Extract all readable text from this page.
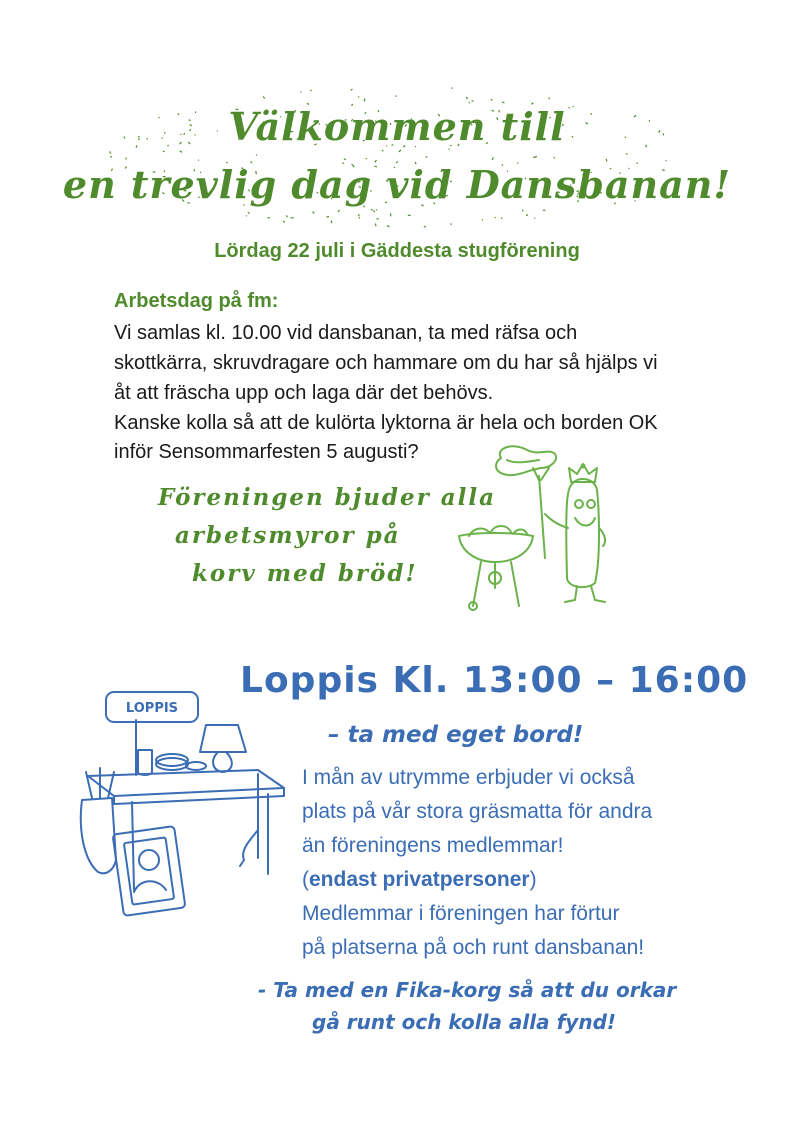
Välkommen till
en trevlig dag vid Dansbanan!
Lördag 22 juli i Gäddesta stugförening
Arbetsdag på fm:
Vi samlas kl. 10.00 vid dansbanan, ta med räfsa och
skottkärra, skruvdragare och hammare om du har så hjälps vi
åt att fräscha upp och laga där det behövs.
Kanske kolla så att de kulörta lyktorna är hela och borden OK
inför Sensommarfesten 5 augusti?
Föreningen bjuder alla
arbetsmyror på
korv med bröd!
Loppis Kl. 13:00 – 16:00
– ta med eget bord!
LOPPIS
I mån av utrymme erbjuder vi också
plats på vår stora gräsmatta för andra
än föreningens medlemmar!
(endast privatpersoner)
Medlemmar i föreningen har förtur
på platserna på och runt dansbanan!
- Ta med en Fika-korg så att du orkar
gå runt och kolla alla fynd!
